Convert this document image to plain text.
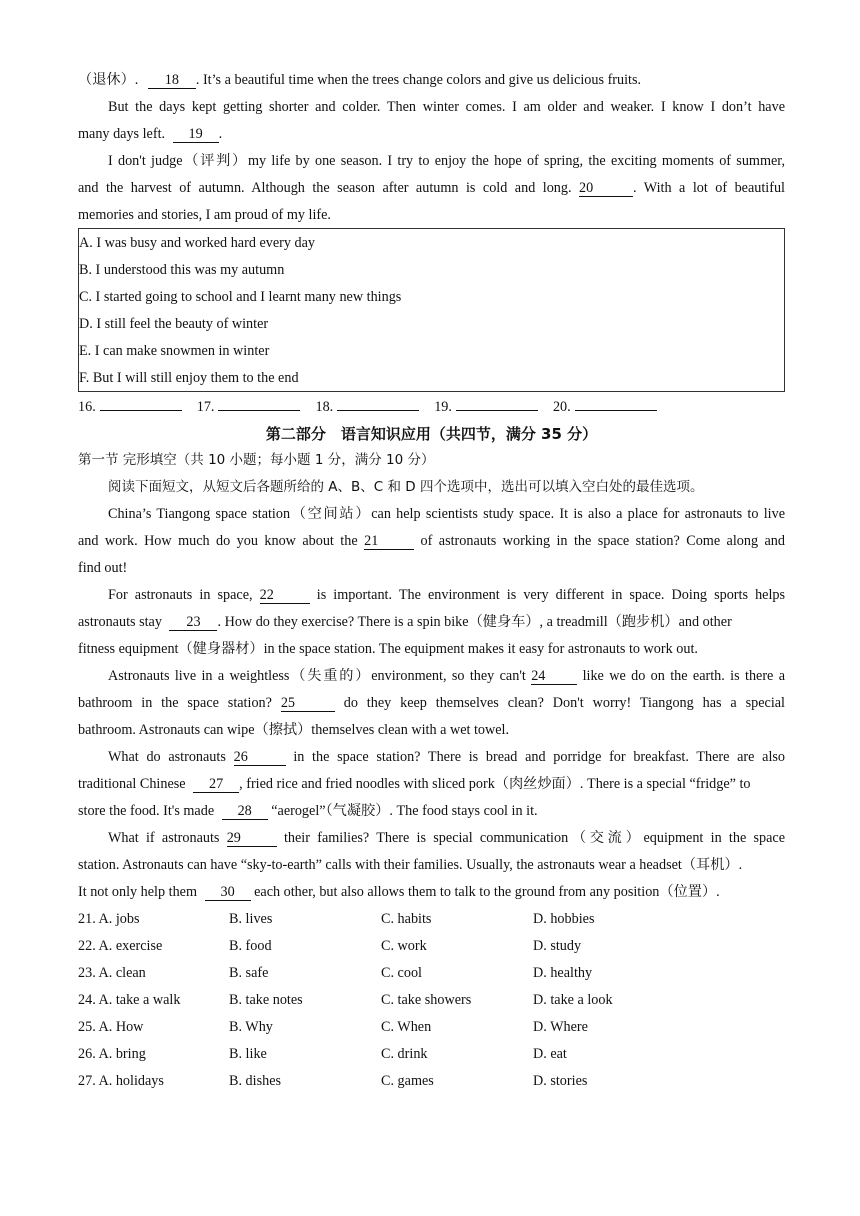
（退休）. 18 . It’s a beautiful time when the trees change colors and give us delicious fruits.
But the days kept getting shorter and colder. Then winter comes. I am older and weaker. I know I don’t have
many days left. 19 .
I don't judge（评判）my life by one season. I try to enjoy the hope of spring, the exciting moments of summer,
and the harvest of autumn. Although the season after autumn is cold and long. 20	. With a lot of beautiful
memories and stories, I am proud of my life.
A. I was busy and worked hard every day
B. I understood this was my autumn
C. I started going to school and I learnt many new things
D. I still feel the beauty of winter
E. I can make snowmen in winter
F. But I will still enjoy them to the end
16.	17.	18.	19.	20.
第二部分　语言知识应用（共四节，满分 35 分）
第一节 完形填空（共 10 小题；每小题 1 分，满分 10 分）
阅读下面短文，从短文后各题所给的 A、B、C 和 D 四个选项中，选出可以填入空白处的最佳选项。
China’s Tiangong space station（空间站）can help scientists study space. It is also a place for astronauts to live
and work. How much do you know about the 21	of astronauts working in the space station? Come along and
find out!
For astronauts in space, 22	is important. The environment is very different in space. Doing sports helps
astronauts stay 23 . How do they exercise? There is a spin bike（健身车）, a treadmill（跑步机）and other
fitness equipment（健身器材）in the space station. The equipment makes it easy for astronauts to work out.
Astronauts live in a weightless（失重的）environment, so they can't 24	like we do on the earth. is there a
bathroom in the space station? 25	do they keep themselves clean? Don't worry! Tiangong has a special
bathroom. Astronauts can wipe（擦拭）themselves clean with a wet towel.
What do astronauts 26	in the space station? There is bread and porridge for breakfast. There are also
traditional Chinese 27 , fried rice and fried noodles with sliced pork（肉丝炒面）. There is a special “fridge” to
store the food. It's made 28 “aerogel”（气凝胶）. The food stays cool in it.
What if astronauts 29	their families? There is special communication（交流）equipment in the space
station. Astronauts can have “sky-to-earth” calls with their families. Usually, the astronauts wear a headset（耳机）.
It not only help them 30 each other, but also allows them to talk to the ground from any position（位置）.
21. A. jobs	B. lives	C. habits	D. hobbies
22. A. exercise	B. food	C. work	D. study
23. A. clean	B. safe	C. cool	D. healthy
24. A. take a walk	B. take notes	C. take showers	D. take a look
25. A. How	B. Why	C. When	D. Where
26. A. bring	B. like	C. drink	D. eat
27. A. holidays	B. dishes	C. games	D. stories
